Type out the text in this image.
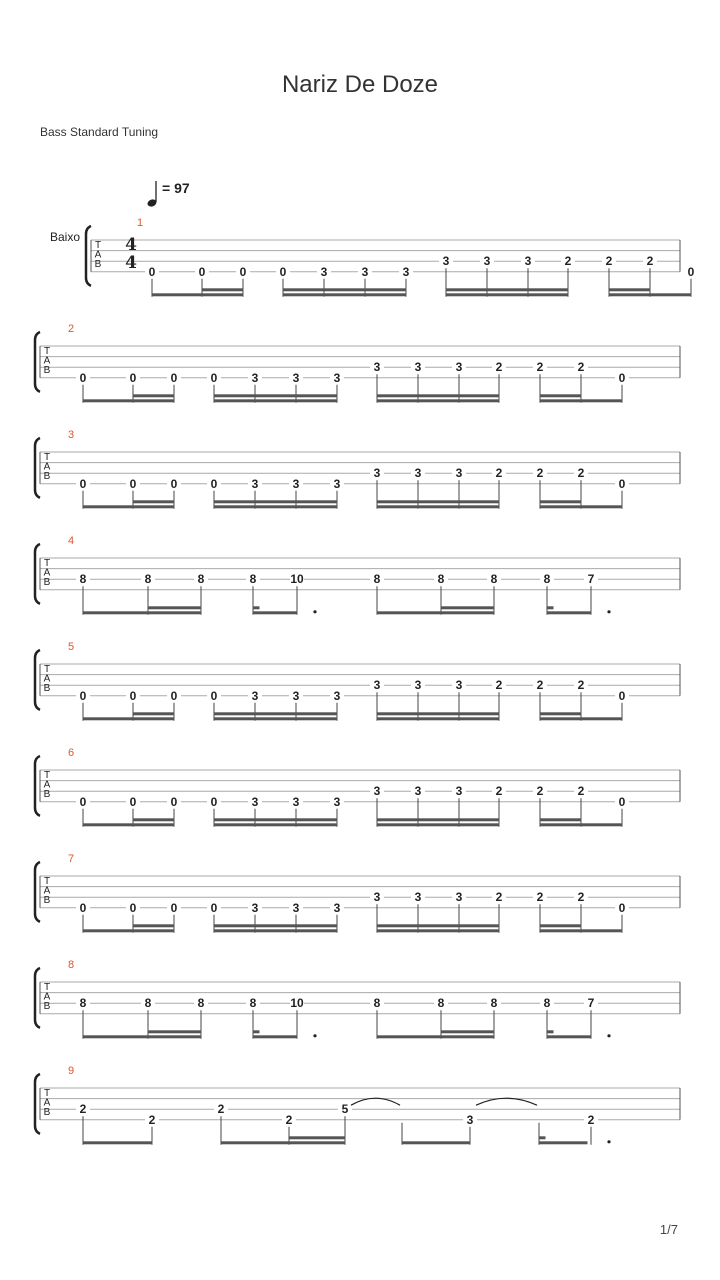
Nariz De Doze
Bass Standard Tuning
T
A
B
1
Baixo	4
4
= 97
0	0	0	0	3	3	3
3	3	3	2	2	2
0
T
A
B
2
0	0	0	0	3	3	3
3	3	3	2	2	2
0
T
A
B
3
0	0	0	0	3	3	3
3	3	3	2	2	2
0
T
A
B
4
8	8	8	8	10	8	8	8	8	7
T
A
B
5
0	0	0	0	3	3	3
3	3	3	2	2	2
0
T
A
B
6
0	0	0	0	3	3	3
3	3	3	2	2	2
0
T
A
B
7
0	0	0	0	3	3	3
3	3	3	2	2	2
0
T
A
B
8
8	8	8	8	10	8	8	8	8	7
T
A
B
9
2
2
2
2
5
3	2
1/7
